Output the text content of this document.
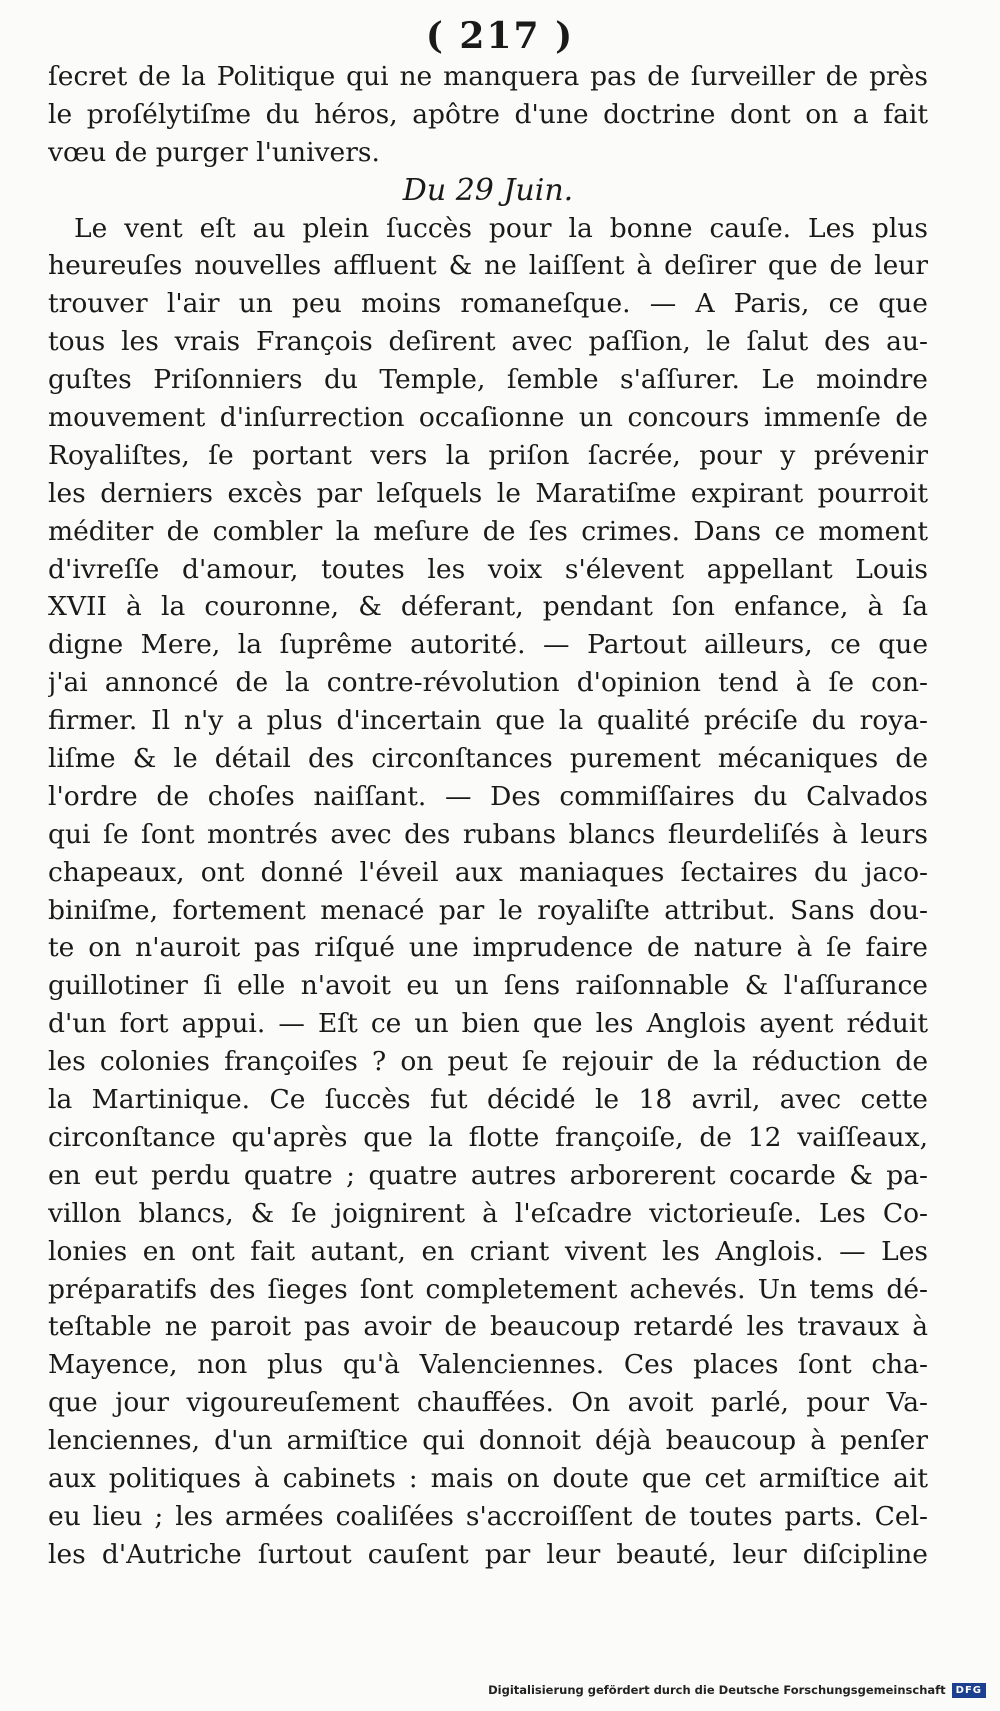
( 217 )
ſecret de la Politique qui ne manquera pas de ſurveiller de près
le proſélytiſme du héros, apôtre d'une doctrine dont on a fait
vœu de purger l'univers.
Du 29 Juin.
Le vent eſt au plein ſuccès pour la bonne cauſe. Les plus
heureuſes nouvelles affluent & ne laiſſent à deſirer que de leur
trouver l'air un peu moins romaneſque. — A Paris, ce que
tous les vrais François deſirent avec paſſion, le ſalut des au-
guſtes Priſonniers du Temple, ſemble s'aſſurer. Le moindre
mouvement d'inſurrection occaſionne un concours immenſe de
Royaliſtes, ſe portant vers la priſon ſacrée, pour y prévenir
les derniers excès par leſquels le Maratiſme expirant pourroit
méditer de combler la meſure de ſes crimes. Dans ce moment
d'ivreſſe d'amour, toutes les voix s'élevent appellant Louis
XVII à la couronne, & déferant, pendant ſon enfance, à ſa
digne Mere, la ſuprême autorité. — Partout ailleurs, ce que
j'ai annoncé de la contre-révolution d'opinion tend à ſe con-
firmer. Il n'y a plus d'incertain que la qualité préciſe du roya-
liſme & le détail des circonſtances purement mécaniques de
l'ordre de choſes naiſſant. — Des commiſſaires du Calvados
qui ſe ſont montrés avec des rubans blancs fleurdeliſés à leurs
chapeaux, ont donné l'éveil aux maniaques ſectaires du jaco-
biniſme, fortement menacé par le royaliſte attribut. Sans dou-
te on n'auroit pas riſqué une imprudence de nature à ſe faire
guillotiner ſi elle n'avoit eu un ſens raiſonnable & l'aſſurance
d'un fort appui. — Eſt ce un bien que les Anglois ayent réduit
les colonies françoiſes ? on peut ſe rejouir de la réduction de
la Martinique. Ce ſuccès fut décidé le 18 avril, avec cette
circonſtance qu'après que la flotte françoiſe, de 12 vaiſſeaux,
en eut perdu quatre ; quatre autres arborerent cocarde & pa-
villon blancs, & ſe joignirent à l'eſcadre victorieuſe. Les Co-
lonies en ont fait autant, en criant vivent les Anglois. — Les
préparatifs des ſieges ſont completement achevés. Un tems dé-
teſtable ne paroit pas avoir de beaucoup retardé les travaux à
Mayence, non plus qu'à Valenciennes. Ces places ſont cha-
que jour vigoureuſement chauffées. On avoit parlé, pour Va-
lenciennes, d'un armiſtice qui donnoit déjà beaucoup à penſer
aux politiques à cabinets : mais on doute que cet armiſtice ait
eu lieu ; les armées coaliſées s'accroiſſent de toutes parts. Cel-
les d'Autriche ſurtout cauſent par leur beauté, leur diſcipline
Digitalisierung gefördert durch die Deutsche Forschungsgemeinschaft	DFG
